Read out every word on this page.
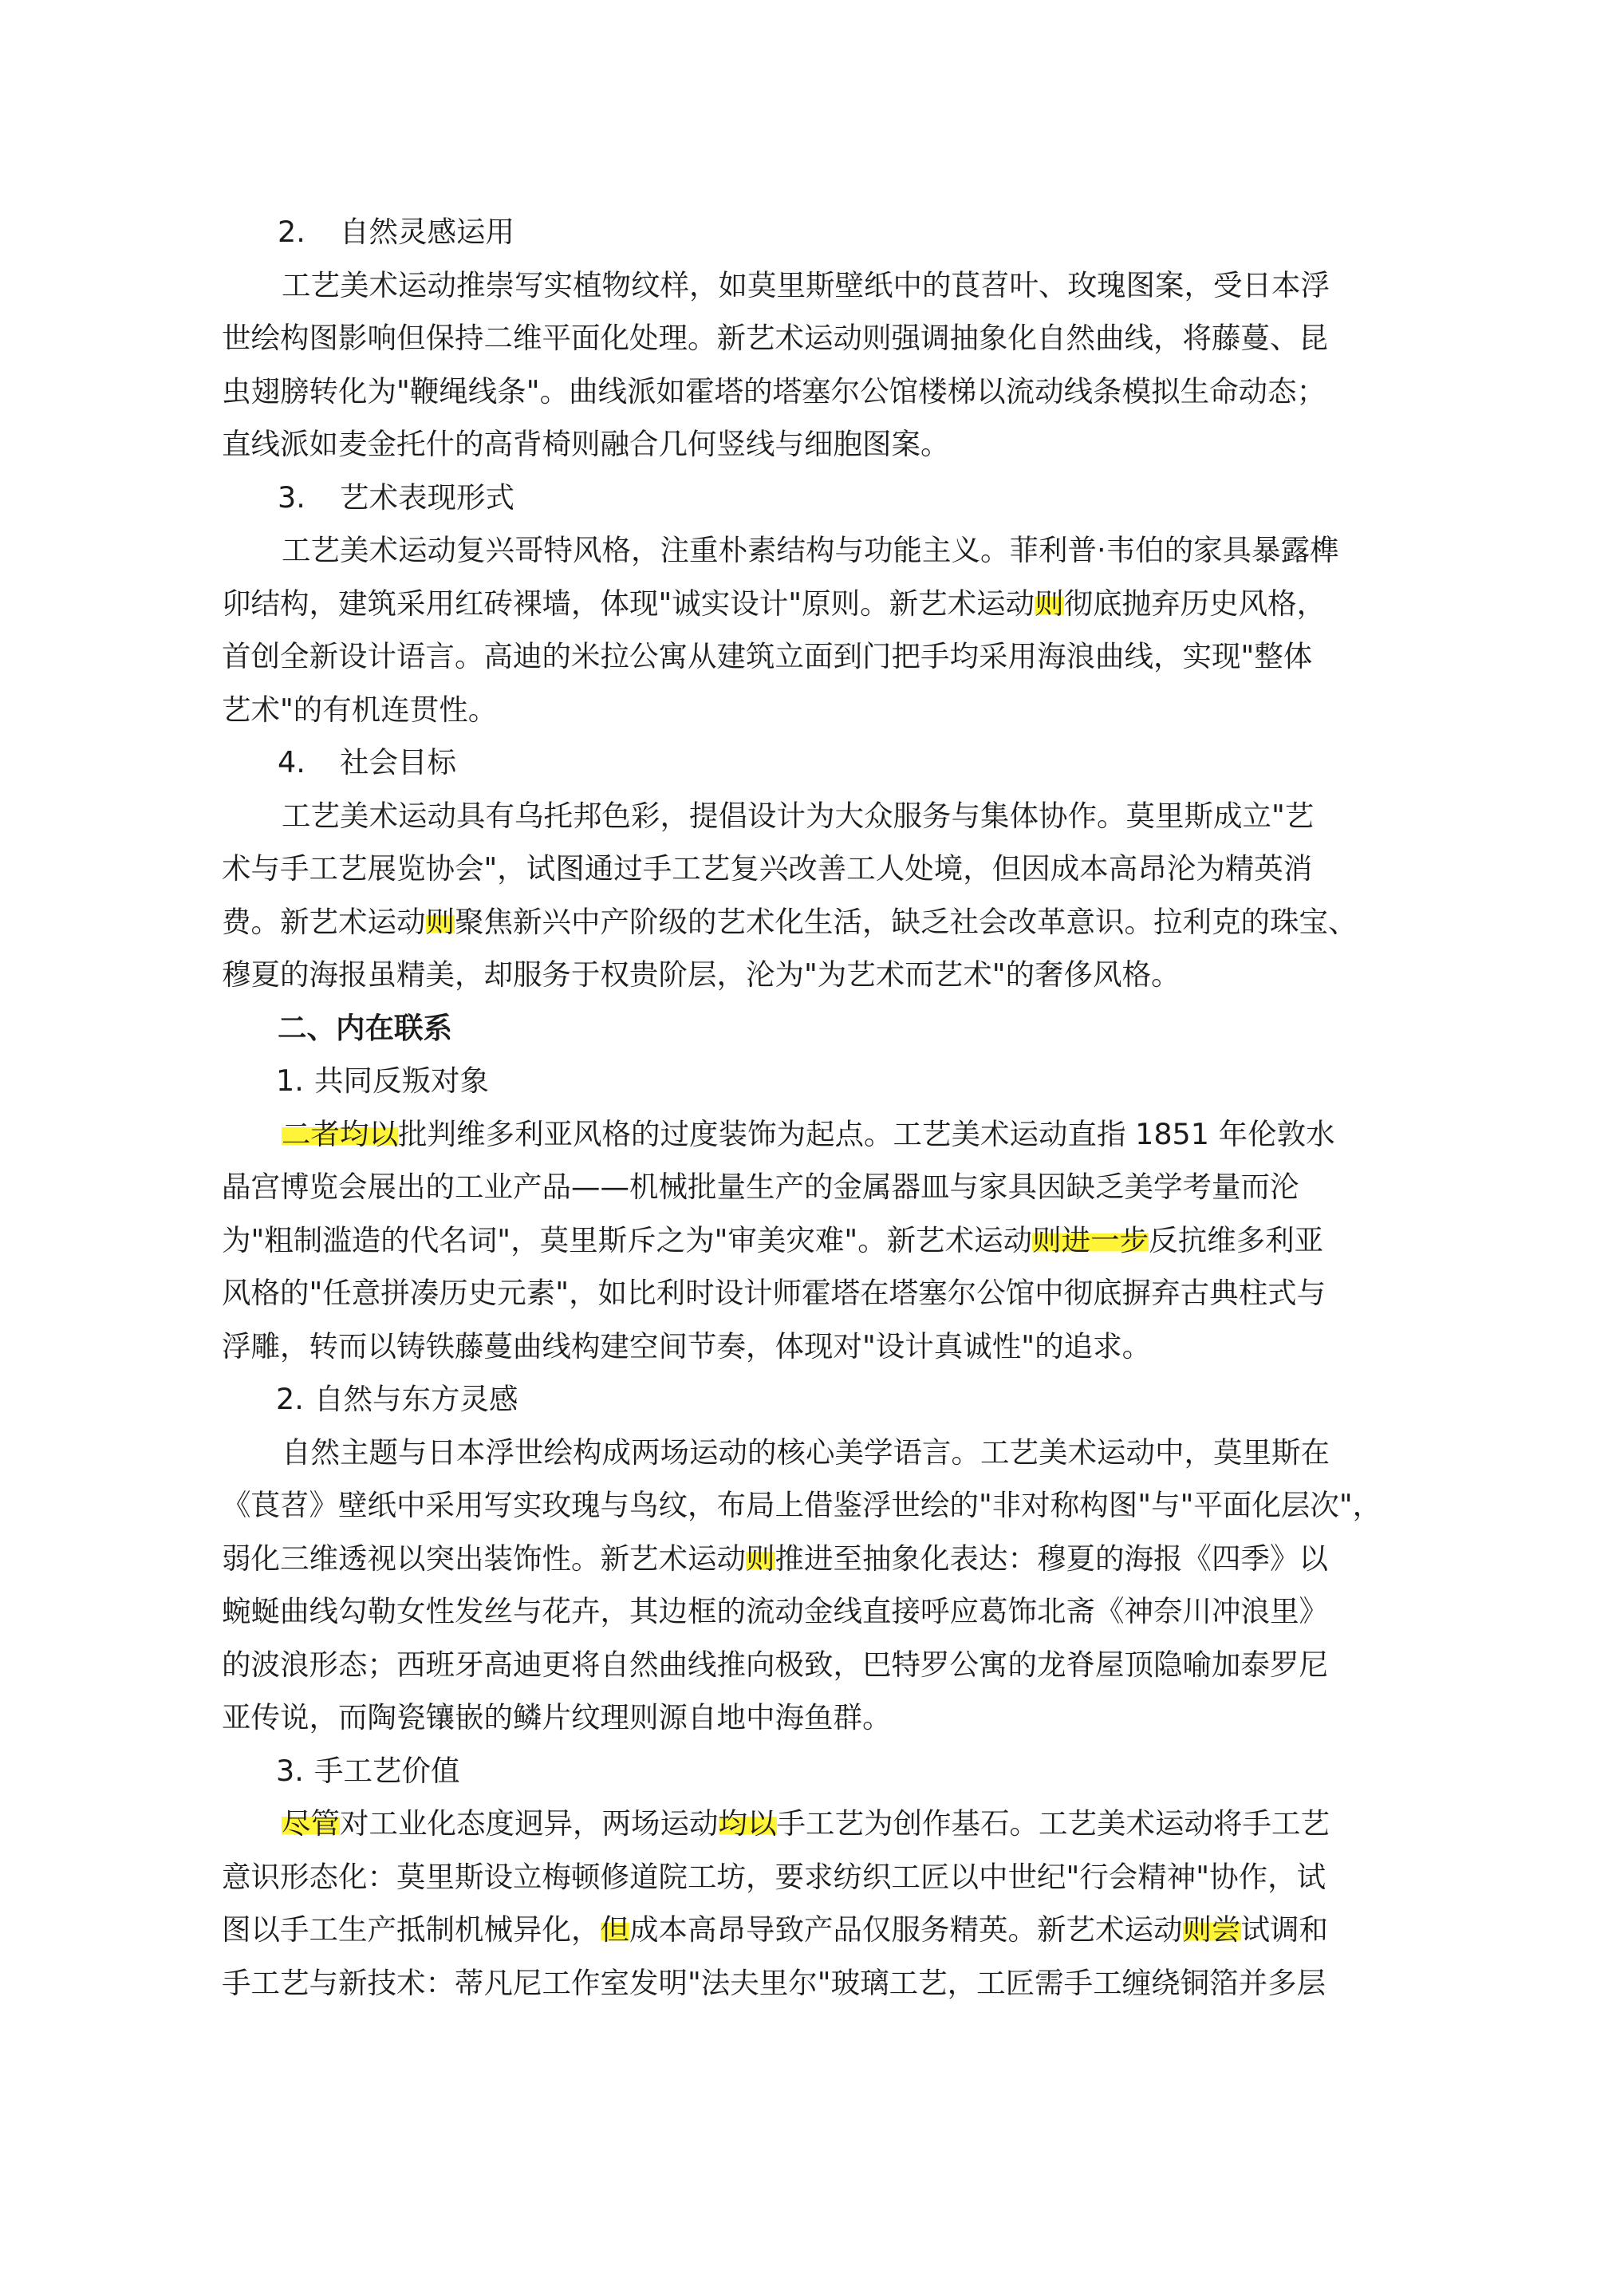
2. 自然灵感运用

工艺美术运动推崇写实植物纹样，如莫里斯壁纸中的茛苕叶、玫瑰图案，受日本浮
世绘构图影响但保持二维平面化处理。新艺术运动则强调抽象化自然曲线，将藤蔓、昆
虫翅膀转化为"鞭绳线条"。曲线派如霍塔的塔塞尔公馆楼梯以流动线条模拟生命动态；
直线派如麦金托什的高背椅则融合几何竖线与细胞图案。

3. 艺术表现形式

工艺美术运动复兴哥特风格，注重朴素结构与功能主义。菲利普·韦伯的家具暴露榫
卯结构，建筑采用红砖裸墙，体现"诚实设计"原则。新艺术运动则彻底抛弃历史风格，
首创全新设计语言。高迪的米拉公寓从建筑立面到门把手均采用海浪曲线，实现"整体
艺术"的有机连贯性。

4. 社会目标

工艺美术运动具有乌托邦色彩，提倡设计为大众服务与集体协作。莫里斯成立"艺
术与手工艺展览协会"，试图通过手工艺复兴改善工人处境，但因成本高昂沦为精英消
费。新艺术运动则聚焦新兴中产阶级的艺术化生活，缺乏社会改革意识。拉利克的珠宝、
穆夏的海报虽精美，却服务于权贵阶层，沦为"为艺术而艺术"的奢侈风格。

二、内在联系

1. 共同反叛对象

二者均以批判维多利亚风格的过度装饰为起点。工艺美术运动直指 1851 年伦敦水
晶宫博览会展出的工业产品——机械批量生产的金属器皿与家具因缺乏美学考量而沦
为"粗制滥造的代名词"，莫里斯斥之为"审美灾难"。新艺术运动则进一步反抗维多利亚
风格的"任意拼凑历史元素"，如比利时设计师霍塔在塔塞尔公馆中彻底摒弃古典柱式与
浮雕，转而以铸铁藤蔓曲线构建空间节奏，体现对"设计真诚性"的追求。

2. 自然与东方灵感

自然主题与日本浮世绘构成两场运动的核心美学语言。工艺美术运动中，莫里斯在
《茛苕》壁纸中采用写实玫瑰与鸟纹，布局上借鉴浮世绘的"非对称构图"与"平面化层次"，
弱化三维透视以突出装饰性。新艺术运动则推进至抽象化表达：穆夏的海报《四季》以
蜿蜒曲线勾勒女性发丝与花卉，其边框的流动金线直接呼应葛饰北斋《神奈川冲浪里》
的波浪形态；西班牙高迪更将自然曲线推向极致，巴特罗公寓的龙脊屋顶隐喻加泰罗尼
亚传说，而陶瓷镶嵌的鳞片纹理则源自地中海鱼群。

3. 手工艺价值

尽管对工业化态度迥异，两场运动均以手工艺为创作基石。工艺美术运动将手工艺
意识形态化：莫里斯设立梅顿修道院工坊，要求纺织工匠以中世纪"行会精神"协作，试
图以手工生产抵制机械异化，但成本高昂导致产品仅服务精英。新艺术运动则尝试调和
手工艺与新技术：蒂凡尼工作室发明"法夫里尔"玻璃工艺，工匠需手工缠绕铜箔并多层
